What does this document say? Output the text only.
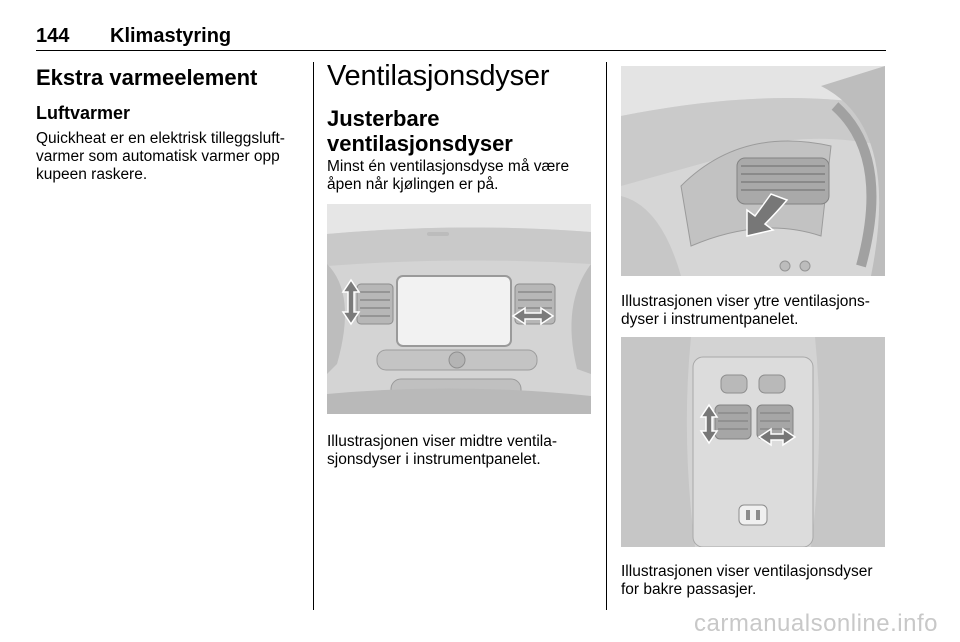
144 Klimastyring
Ekstra varmeelement
Luftvarmer
Quickheat er en elektrisk tilleggsluft-
varmer som automatisk varmer opp
kupeen raskere.
Ventilasjonsdyser
Justerbare
ventilasjonsdyser
Minst én ventilasjonsdyse må være
åpen når kjølingen er på.
Illustrasjonen viser midtre ventila-
sjonsdyser i instrumentpanelet.
Illustrasjonen viser ytre ventilasjons-
dyser i instrumentpanelet.
Illustrasjonen viser ventilasjonsdyser
for bakre passasjer.
carmanualsonline.info
